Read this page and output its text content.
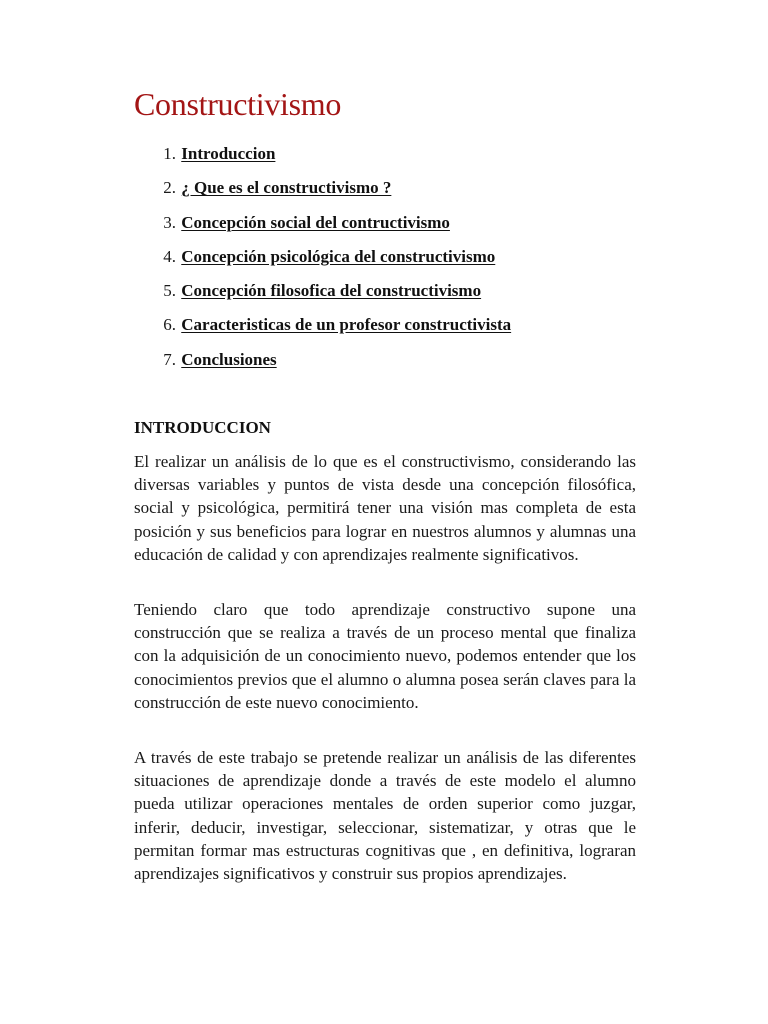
Constructivismo
1. Introduccion
2. ¿ Que es el constructivismo ?
3. Concepción social del contructivismo
4. Concepción psicológica del constructivismo
5. Concepción filosofica del constructivismo
6. Caracteristicas de un profesor constructivista
7. Conclusiones
INTRODUCCION

El realizar un análisis de lo que es el constructivismo, considerando las diversas variables y puntos de vista desde una concepción filosófica, social y psicológica, permitirá tener una visión mas completa de esta posición y sus beneficios para lograr en nuestros alumnos y alumnas una educación de calidad y con aprendizajes realmente significativos.

Teniendo claro que todo aprendizaje constructivo supone una construcción que se realiza a través de un proceso mental que finaliza con la adquisición de un conocimiento nuevo, podemos entender que los conocimientos previos que el alumno o alumna posea serán claves para la construcción de este nuevo conocimiento.

A través de este trabajo se pretende realizar un análisis de las diferentes situaciones de aprendizaje donde a través de este modelo el alumno pueda utilizar operaciones mentales de orden superior como juzgar, inferir, deducir, investigar, seleccionar, sistematizar, y otras que le permitan formar mas estructuras cognitivas que , en definitiva, lograran aprendizajes significativos y construir sus propios aprendizajes.
